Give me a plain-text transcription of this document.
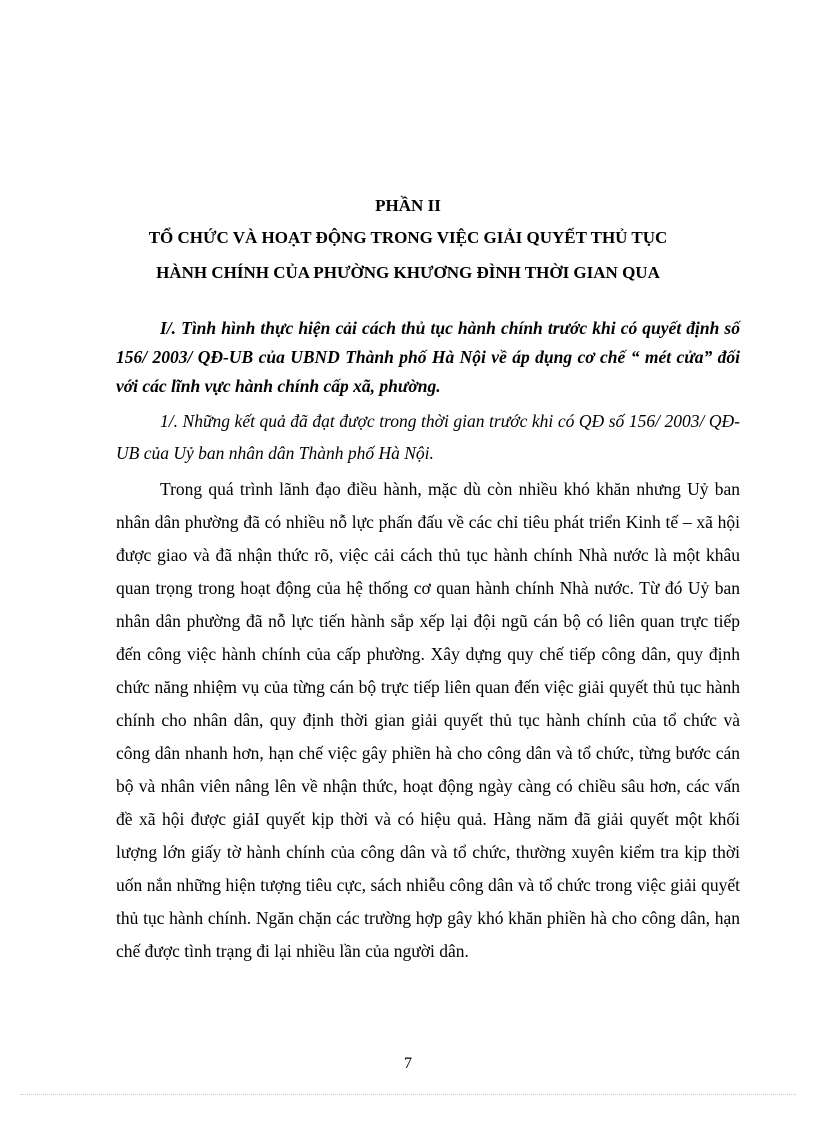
PHẦN II

TỔ CHỨC VÀ HOẠT ĐỘNG TRONG VIỆC GIẢI QUYẾT THỦ TỤC

HÀNH CHÍNH CỦA PHƯỜNG KHƯƠNG ĐÌNH THỜI GIAN QUA

I/. Tình hình thực hiện cải cách thủ tục hành chính trước khi có quyết định số 156/ 2003/ QĐ-UB của UBND Thành phố Hà Nội về áp dụng cơ chế “ mét cửa” đối với các lĩnh vực hành chính cấp xã, phường.

1/. Những kết quả đã đạt được trong thời gian trước khi có QĐ số 156/ 2003/ QĐ- UB của Uỷ ban nhân dân Thành phố Hà Nội.

Trong quá trình lãnh đạo điều hành, mặc dù còn nhiều khó khăn nhưng Uỷ ban nhân dân phường đã có nhiều nỗ lực phấn đấu về các chỉ tiêu phát triển Kinh tế – xã hội được giao và đã nhận thức rõ, việc cải cách thủ tục hành chính Nhà nước là một khâu quan trọng trong hoạt động của hệ thống cơ quan hành chính Nhà nước. Từ đó Uỷ ban nhân dân phường đã nỗ lực tiến hành sắp xếp lại đội ngũ cán bộ có liên quan trực tiếp đến công việc hành chính của cấp phường. Xây dựng quy chế tiếp công dân, quy định chức năng nhiệm vụ của từng cán bộ trực tiếp liên quan đến việc giải quyết thủ tục hành chính cho nhân dân, quy định thời gian giải quyết thủ tục hành chính của tổ chức và công dân nhanh hơn, hạn chế việc gây phiền hà cho công dân và tổ chức, từng bước cán bộ và nhân viên nâng lên về nhận thức, hoạt động ngày càng có chiều sâu hơn, các vấn đề xã hội được giảI quyết kịp thời và có hiệu quả. Hàng năm đã giải quyết một khối lượng lớn giấy tờ hành chính của công dân và tổ chức, thường xuyên kiểm tra kịp thời uốn nắn những hiện tượng tiêu cực, sách nhiễu công dân và tổ chức trong việc giải quyết thủ tục hành chính. Ngăn chặn các trường hợp gây khó khăn phiền hà cho công dân, hạn chế được tình trạng đi lại nhiều lần của người dân.

7
